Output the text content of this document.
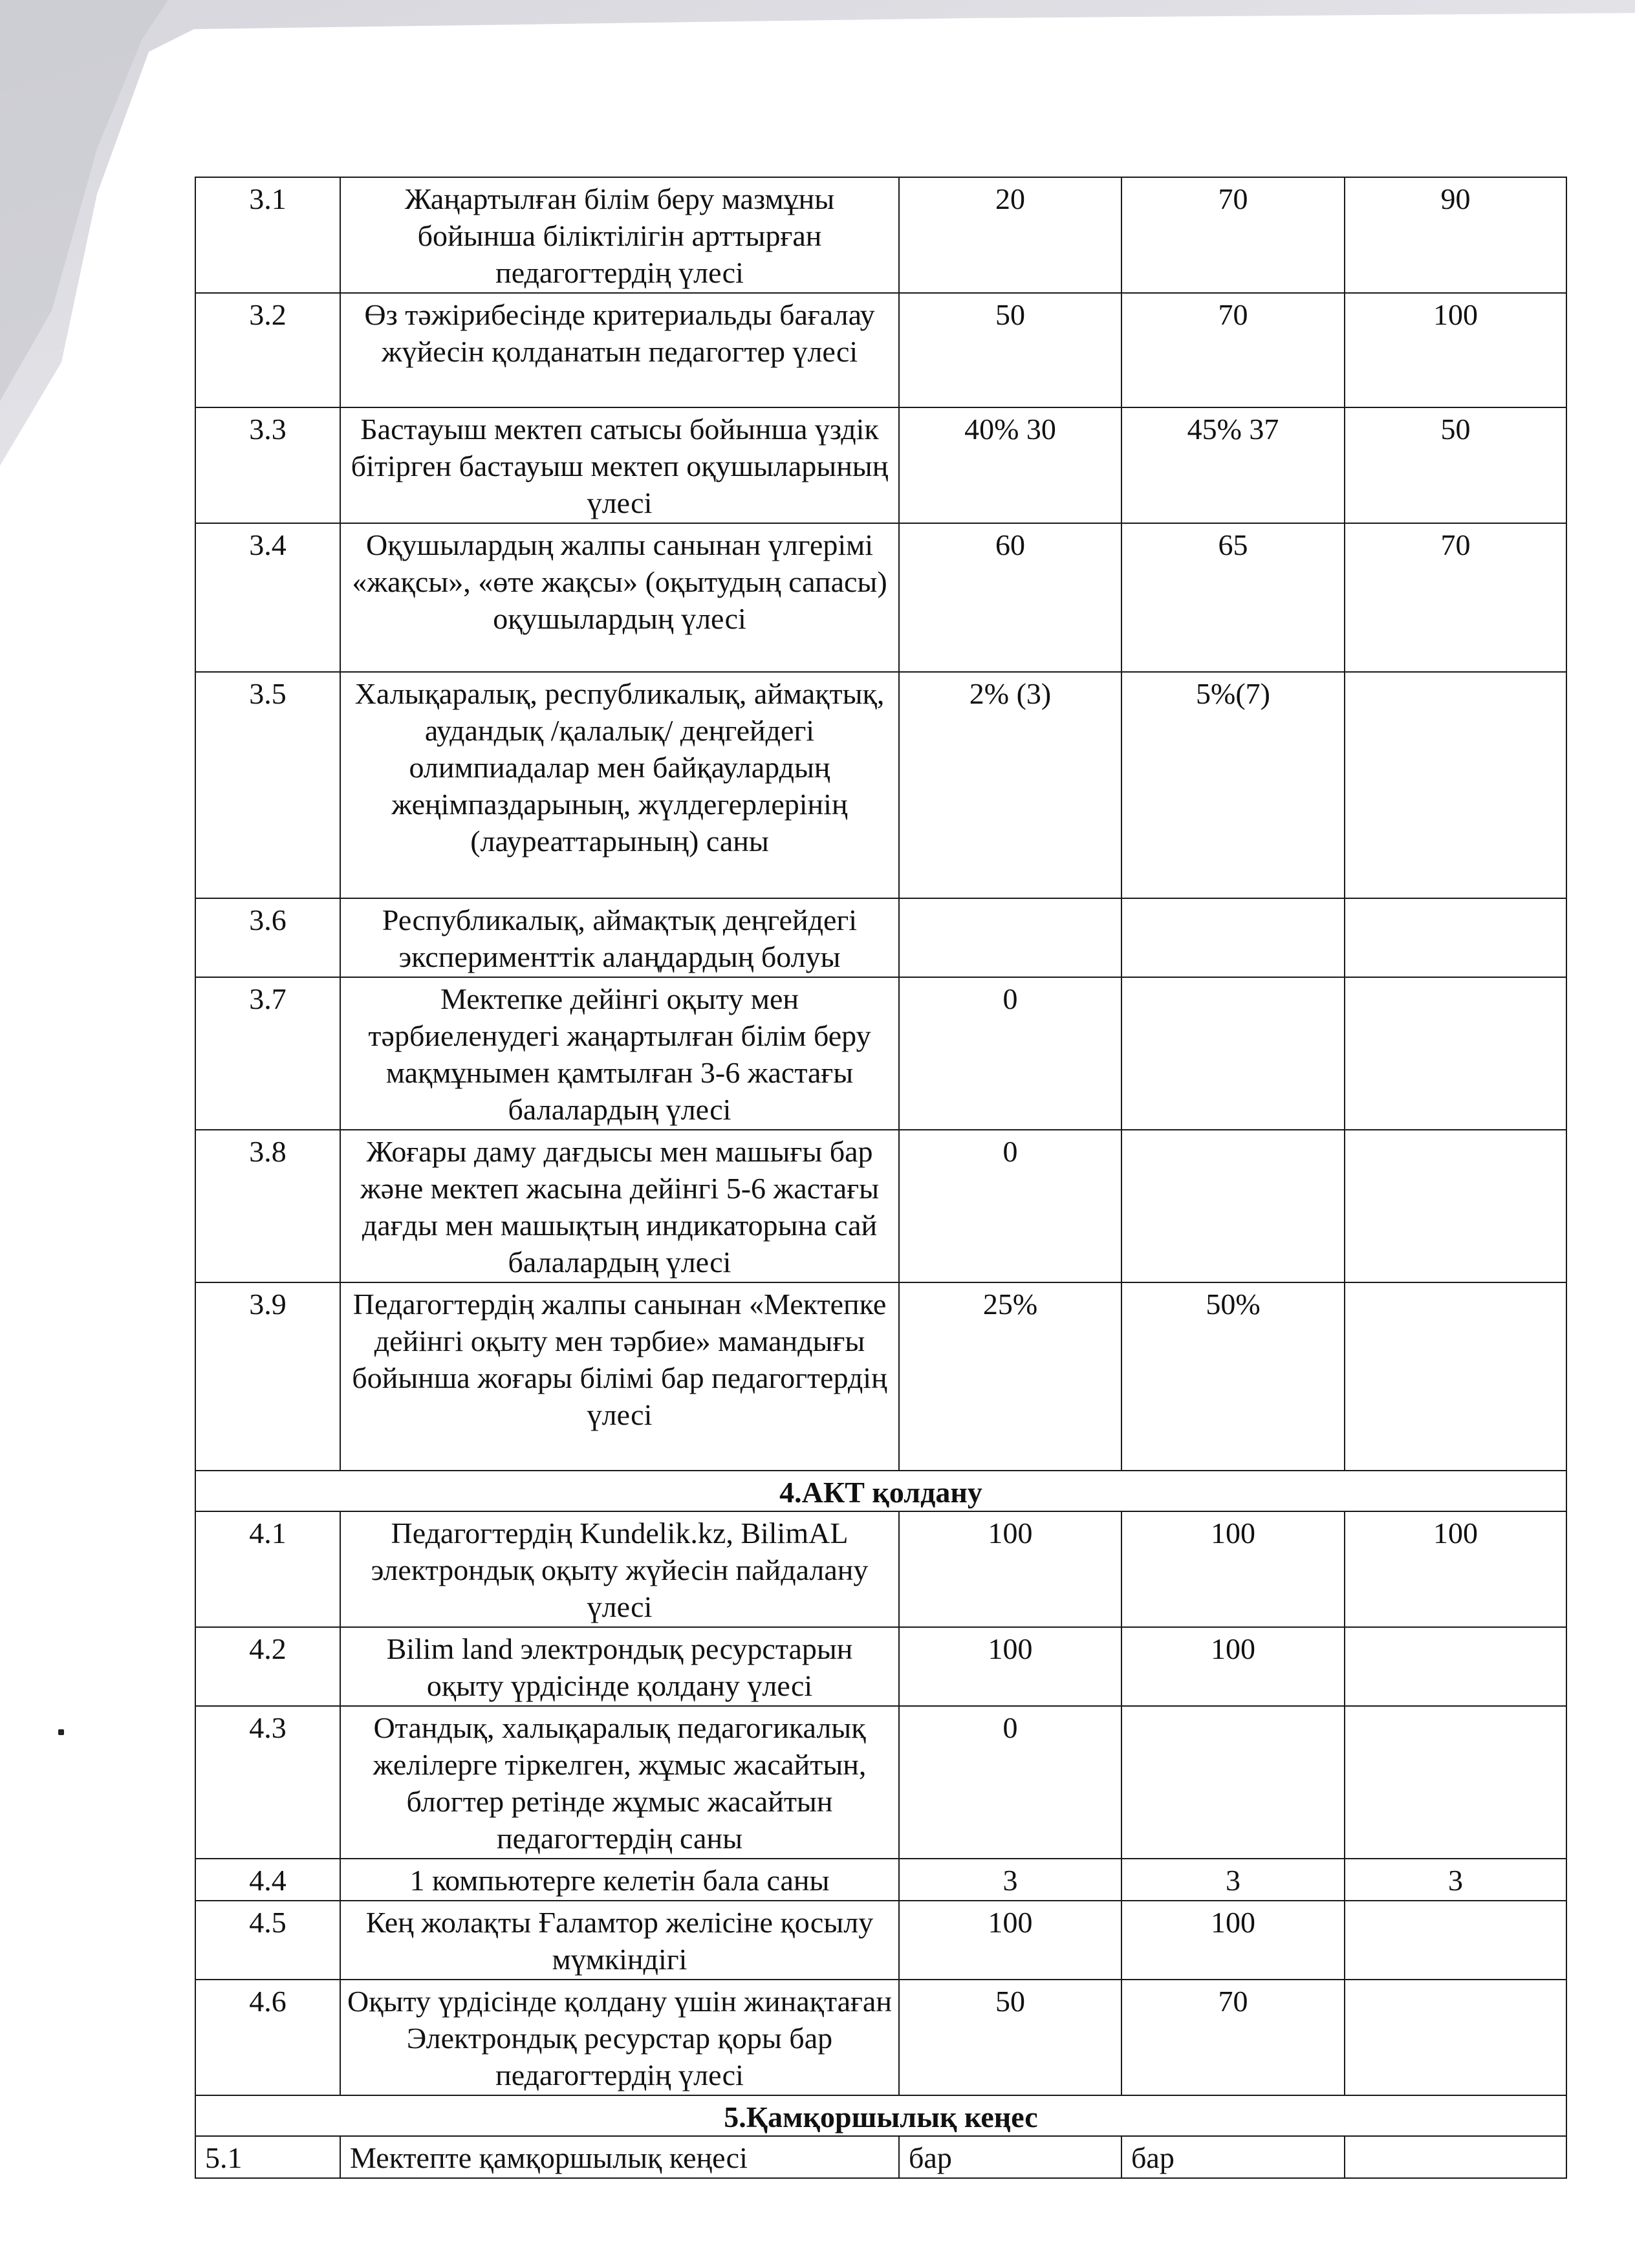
3.1	Жаңартылған білім беру мазмұны бойынша біліктілігін арттырған педагогтердің үлесі	20	70	90
3.2	Өз тәжірибесінде критериальды бағалау жүйесін қолданатын педагогтер үлесі	50	70	100
3.3	Бастауыш мектеп сатысы бойынша үздік бітірген бастауыш мектеп оқушыларының үлесі	40% 30	45% 37	50
3.4	Оқушылардың жалпы санынан үлгерімі «жақсы», «өте жақсы» (оқытудың сапасы) оқушылардың үлесі	60	65	70
3.5	Халықаралық, республикалық, аймақтық, аудандық /қалалық/ деңгейдегі олимпиадалар мен байқаулардың жеңімпаздарының, жүлдегерлерінің (лауреаттарының) саны	2% (3)	5%(7)	
3.6	Республикалық, аймақтық деңгейдегі эксперименттік алаңдардың болуы			
3.7	Мектепке дейінгі оқыту мен тәрбиеленудегі жаңартылған білім беру мақмұнымен қамтылған 3-6 жастағы балалардың үлесі	0		
3.8	Жоғары даму дағдысы мен машығы бар және мектеп жасына дейінгі 5-6 жастағы дағды мен машықтың индикаторына сай балалардың үлесі	0		
3.9	Педагогтердің жалпы санынан «Мектепке дейінгі оқыту мен тәрбие» мамандығы бойынша жоғары білімі бар педагогтердің үлесі	25%	50%	
4.АКТ қолдану				
4.1	Педагогтердің Kundelik.kz, BilimAL электрондық оқыту жүйесін пайдалану үлесі	100	100	100
4.2	Bilim land электрондық ресурстарын оқыту үрдісінде қолдану үлесі	100	100	
4.3	Отандық, халықаралық педагогикалық желілерге тіркелген, жұмыс жасайтын, блогтер ретінде жұмыс жасайтын педагогтердің саны	0		
4.4	1 компьютерге келетін бала саны	3	3	3
4.5	Кең жолақты Ғаламтор желісіне қосылу мүмкіндігі	100	100	
4.6	Оқыту үрдісінде қолдану үшін жинақтаған Электрондық ресурстар қоры бар педагогтердің үлесі	50	70	
5.Қамқоршылық кеңес				
5.1	Мектепте қамқоршылық кеңесі	бар	бар	
